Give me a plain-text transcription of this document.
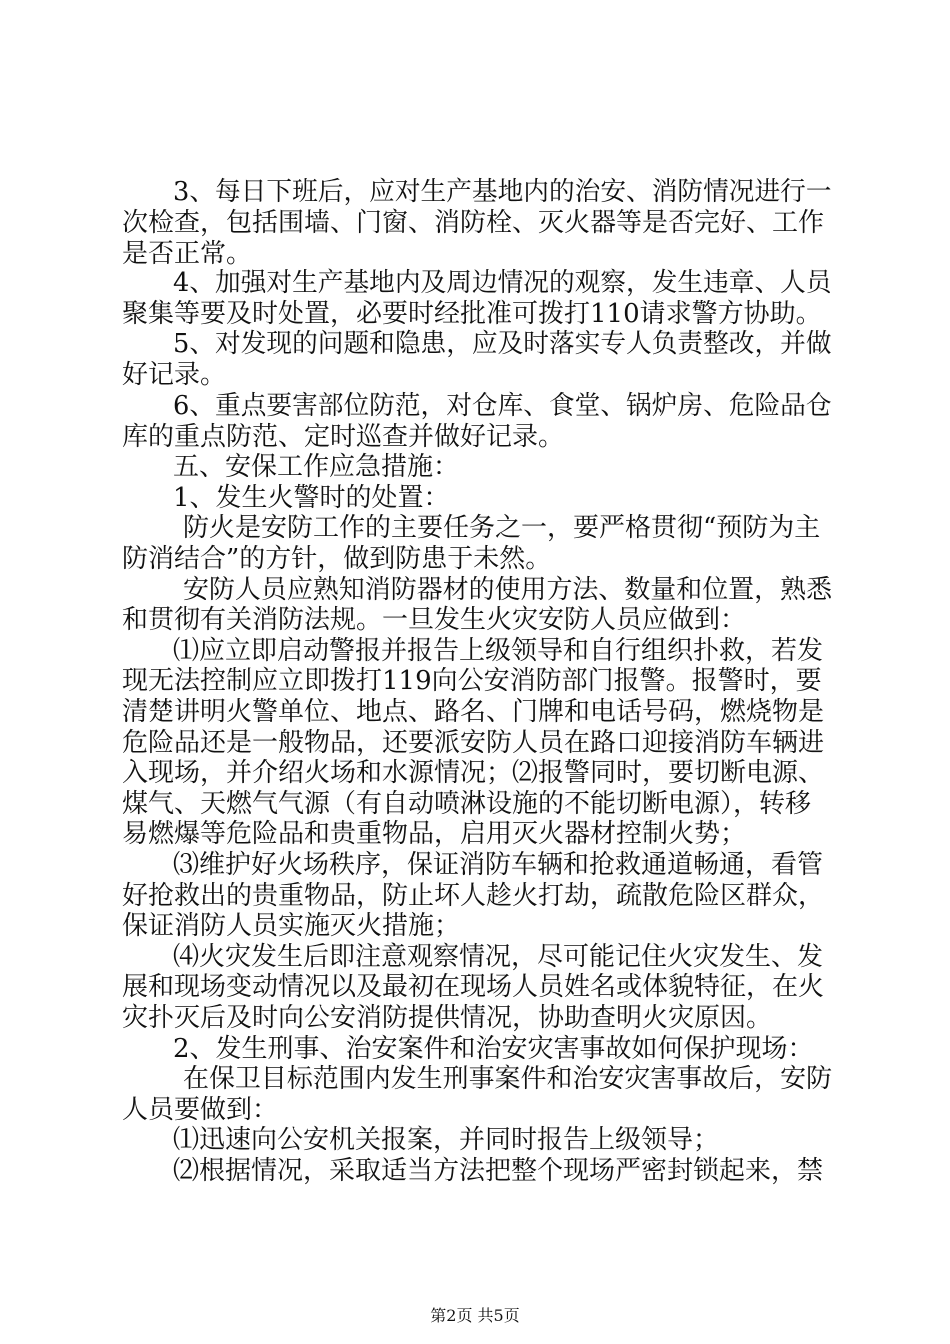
3、每日下班后，应对生产基地内的治安、消防情况进行一
次检查，包括围墙、门窗、消防栓、灭火器等是否完好、工作
是否正常。
4、加强对生产基地内及周边情况的观察，发生违章、人员
聚集等要及时处置，必要时经批准可拨打110请求警方协助。
5、对发现的问题和隐患，应及时落实专人负责整改，并做
好记录。
6、重点要害部位防范，对仓库、食堂、锅炉房、危险品仓
库的重点防范、定时巡查并做好记录。
五、安保工作应急措施：
1、发生火警时的处置：
防火是安防工作的主要任务之一，要严格贯彻“预防为主
防消结合”的方针，做到防患于未然。
安防人员应熟知消防器材的使用方法、数量和位置，熟悉
和贯彻有关消防法规。一旦发生火灾安防人员应做到：
⑴应立即启动警报并报告上级领导和自行组织扑救，若发
现无法控制应立即拨打119向公安消防部门报警。报警时，要
清楚讲明火警单位、地点、路名、门牌和电话号码，燃烧物是
危险品还是一般物品，还要派安防人员在路口迎接消防车辆进
入现场，并介绍火场和水源情况；⑵报警同时，要切断电源、
煤气、天燃气气源（有自动喷淋设施的不能切断电源），转移
易燃爆等危险品和贵重物品，启用灭火器材控制火势；
⑶维护好火场秩序，保证消防车辆和抢救通道畅通，看管
好抢救出的贵重物品，防止坏人趁火打劫，疏散危险区群众，
保证消防人员实施灭火措施；
⑷火灾发生后即注意观察情况，尽可能记住火灾发生、发
展和现场变动情况以及最初在现场人员姓名或体貌特征，在火
灾扑灭后及时向公安消防提供情况，协助查明火灾原因。
2、发生刑事、治安案件和治安灾害事故如何保护现场：
在保卫目标范围内发生刑事案件和治安灾害事故后，安防
人员要做到：
⑴迅速向公安机关报案，并同时报告上级领导；
⑵根据情况，采取适当方法把整个现场严密封锁起来，禁
第2页 共5页
